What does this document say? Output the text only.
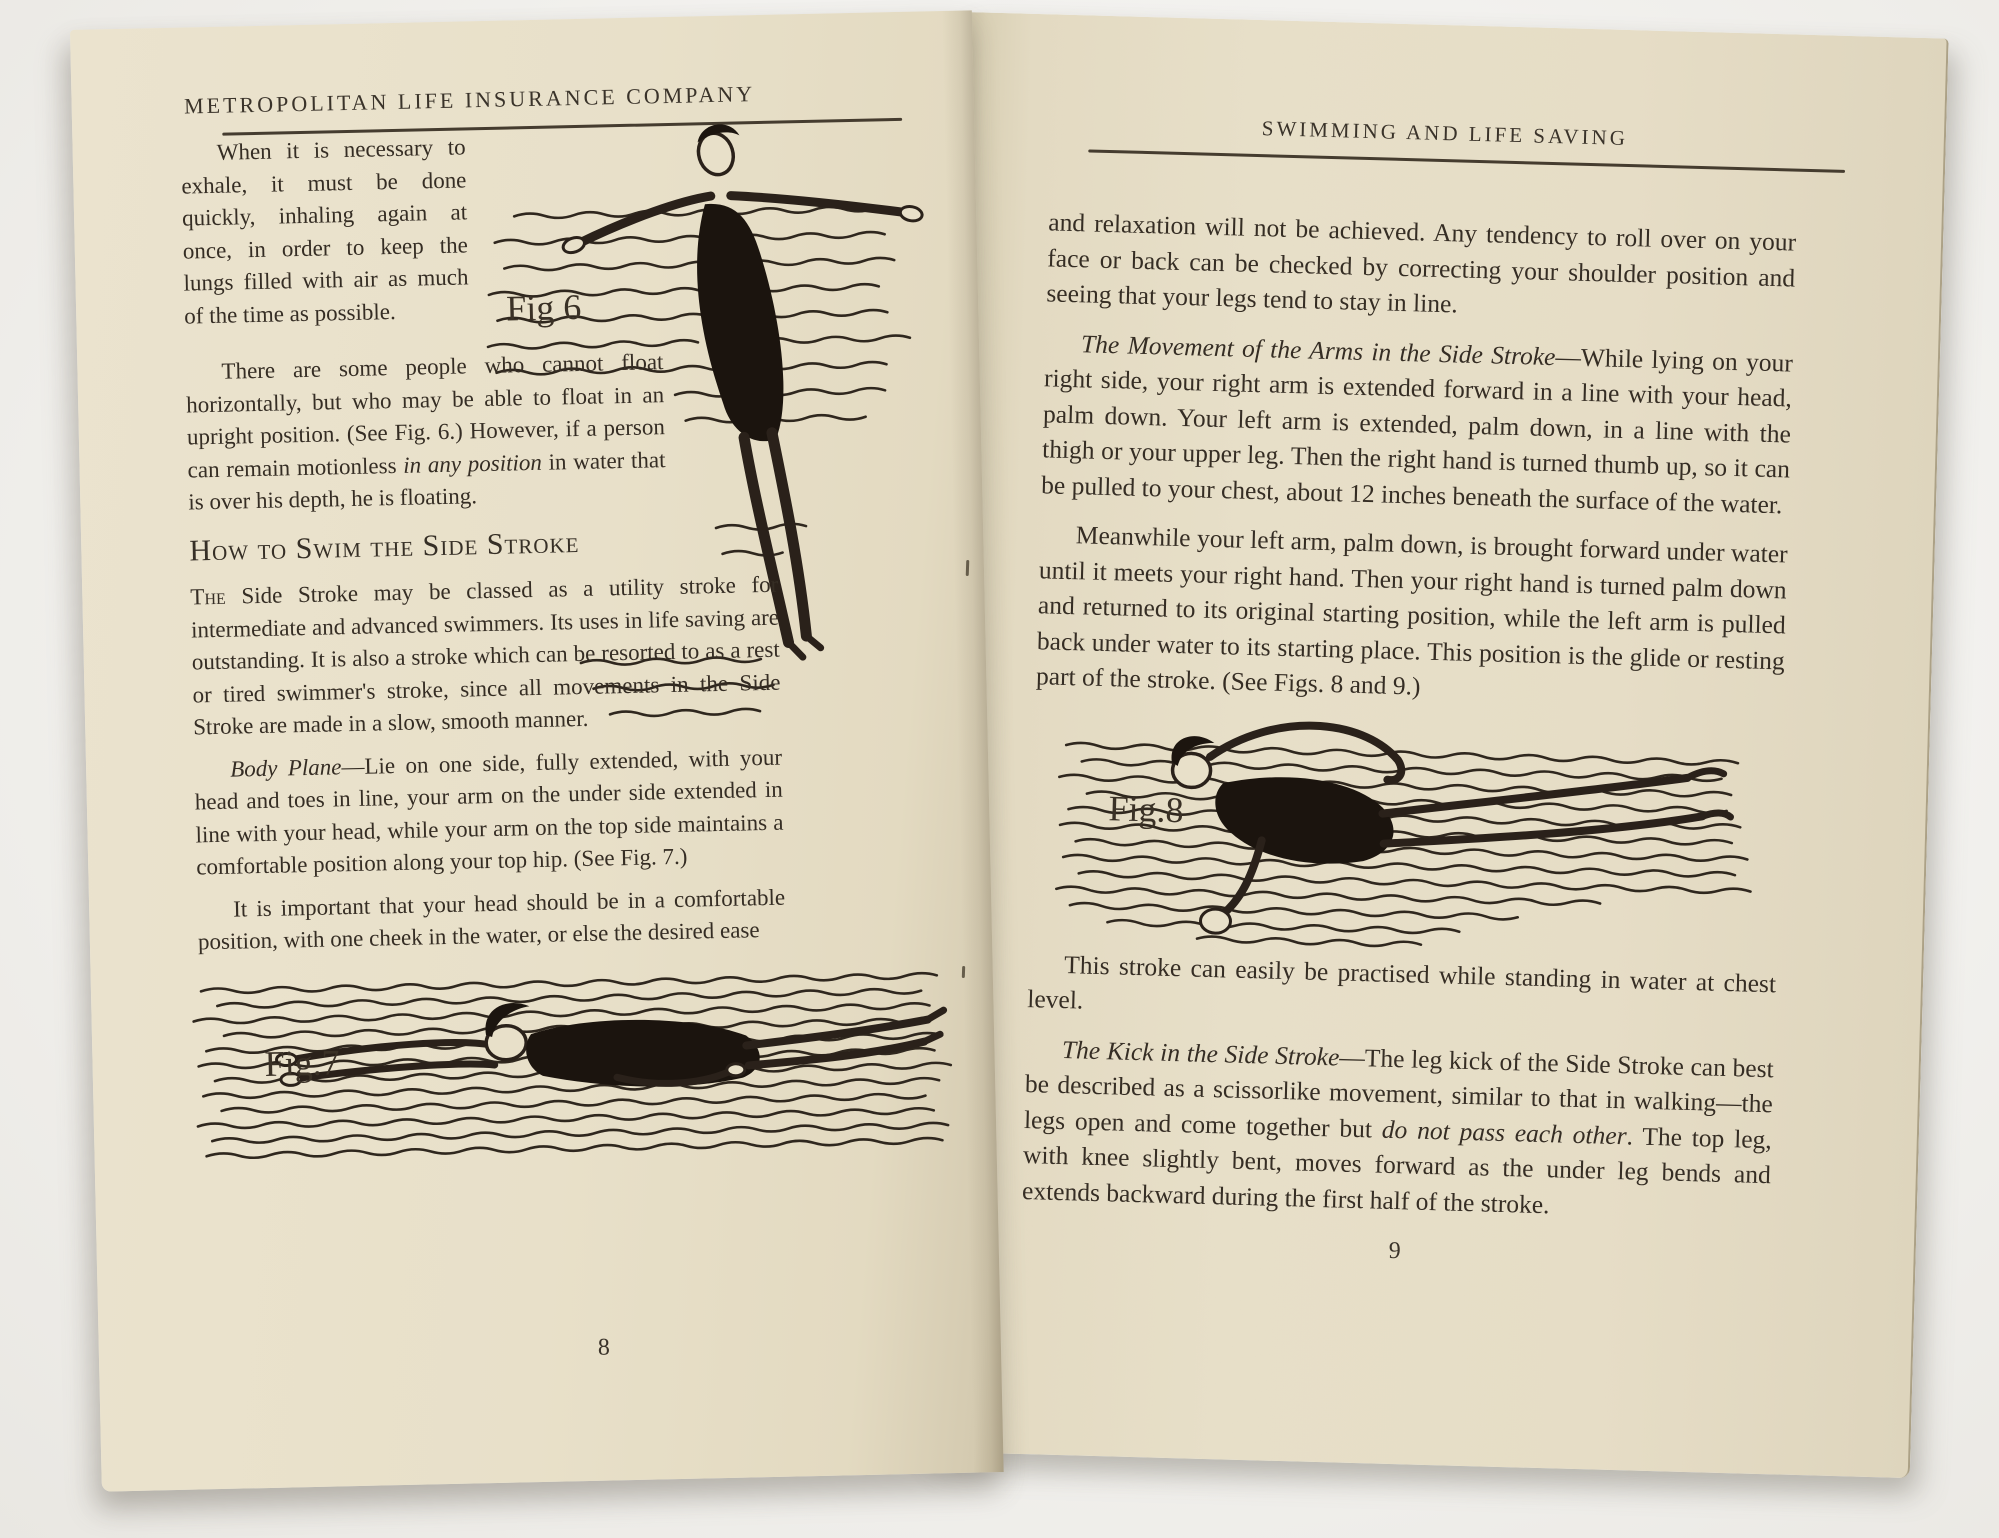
METROPOLITAN LIFE INSURANCE COMPANY
Fig 6

When it is necessary to exhale, it must be done quickly, inhaling again at once, in order to keep the lungs filled with air as much of the time as possible.

There are some people who cannot float horizontally, but who may be able to float in an upright position. (See Fig. 6.) However, if a person can remain motionless in any position in water that is over his depth, he is floating.

How to Swim the Side Stroke

The Side Stroke may be classed as a utility stroke for intermediate and advanced swimmers. Its uses in life saving are outstanding. It is also a stroke which can be resorted to as a rest or tired swimmer's stroke, since all movements in the Side Stroke are made in a slow, smooth manner.

Body Plane—Lie on one side, fully extended, with your head and toes in line, your arm on the under side extended in line with your head, while your arm on the top side maintains a comfortable position along your top hip. (See Fig. 7.)

It is important that your head should be in a comfortable position, with one cheek in the water, or else the desired ease

Fig.7
8
SWIMMING AND LIFE SAVING

and relaxation will not be achieved. Any tendency to roll over on your face or back can be checked by correcting your shoulder position and seeing that your legs tend to stay in line.

The Movement of the Arms in the Side Stroke—While lying on your right side, your right arm is extended forward in a line with your head, palm down. Your left arm is extended, palm down, in a line with the thigh or your upper leg. Then the right hand is turned thumb up, so it can be pulled to your chest, about 12 inches beneath the surface of the water.

Meanwhile your left arm, palm down, is brought forward under water until it meets your right hand. Then your right hand is turned palm down and returned to its original starting position, while the left arm is pulled back under water to its starting place. This position is the glide or resting part of the stroke. (See Figs. 8 and 9.)

Fig.8

This stroke can easily be practised while standing in water at chest level.

The Kick in the Side Stroke—The leg kick of the Side Stroke can best be described as a scissorlike movement, similar to that in walking—the legs open and come together but do not pass each other. The top leg, with knee slightly bent, moves forward as the under leg bends and extends backward during the first half of the stroke.

9
